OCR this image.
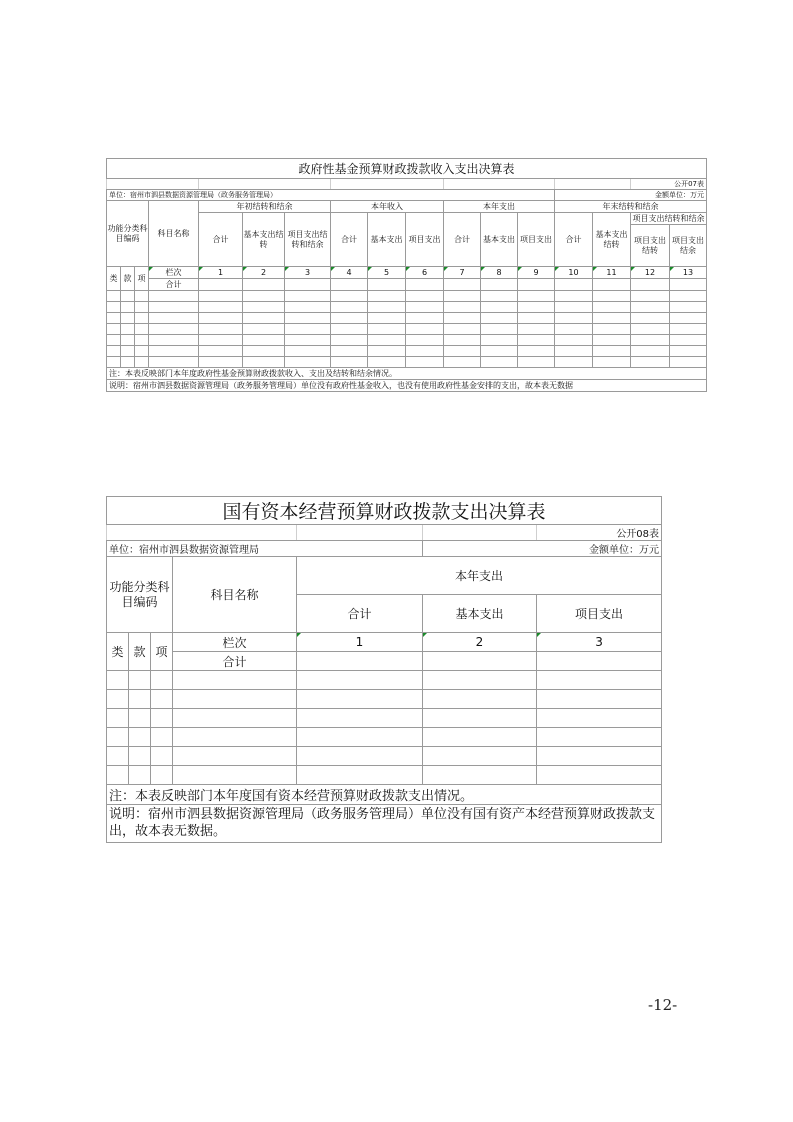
政府性基金预算财政拨款收入支出决算表																
															公开07表	
单位：宿州市泗县数据资源管理局（政务服务管理局）													金额单位：万元			
功能分类科目编码			科目名称	年初结转和结余			本年收入			本年支出			年末结转和结余			
				合计	基本支出结转	项目支出结转和结余	合计	基本支出	项目支出	合计	基本支出	项目支出	合计	基本支出结转	项目支出结转和结余	
															项目支出结转	项目支出结余
类	款	项	栏次	1	2	3	4	5	6	7	8	9	10	11	12	13
			合计													

注：本表反映部门本年度政府性基金预算财政拨款收入、支出及结转和结余情况。																
说明：宿州市泗县数据资源管理局（政务服务管理局）单位没有政府性基金收入，也没有使用政府性基金安排的支出，故本表无数据																
国有资本经营预算财政拨款支出决算表						
						公开08表
单位：宿州市泗县数据资源管理局					金额单位：万元	
功能分类科目编码			科目名称	本年支出		
				合计	基本支出	项目支出
类	款	项	栏次	1	2	3
			合计			

注：本表反映部门本年度国有资本经营预算财政拨款支出情况。						
说明：宿州市泗县数据资源管理局（政务服务管理局）单位没有国有资产本经营预算财政拨款支出，故本表无数据。						
-12-
